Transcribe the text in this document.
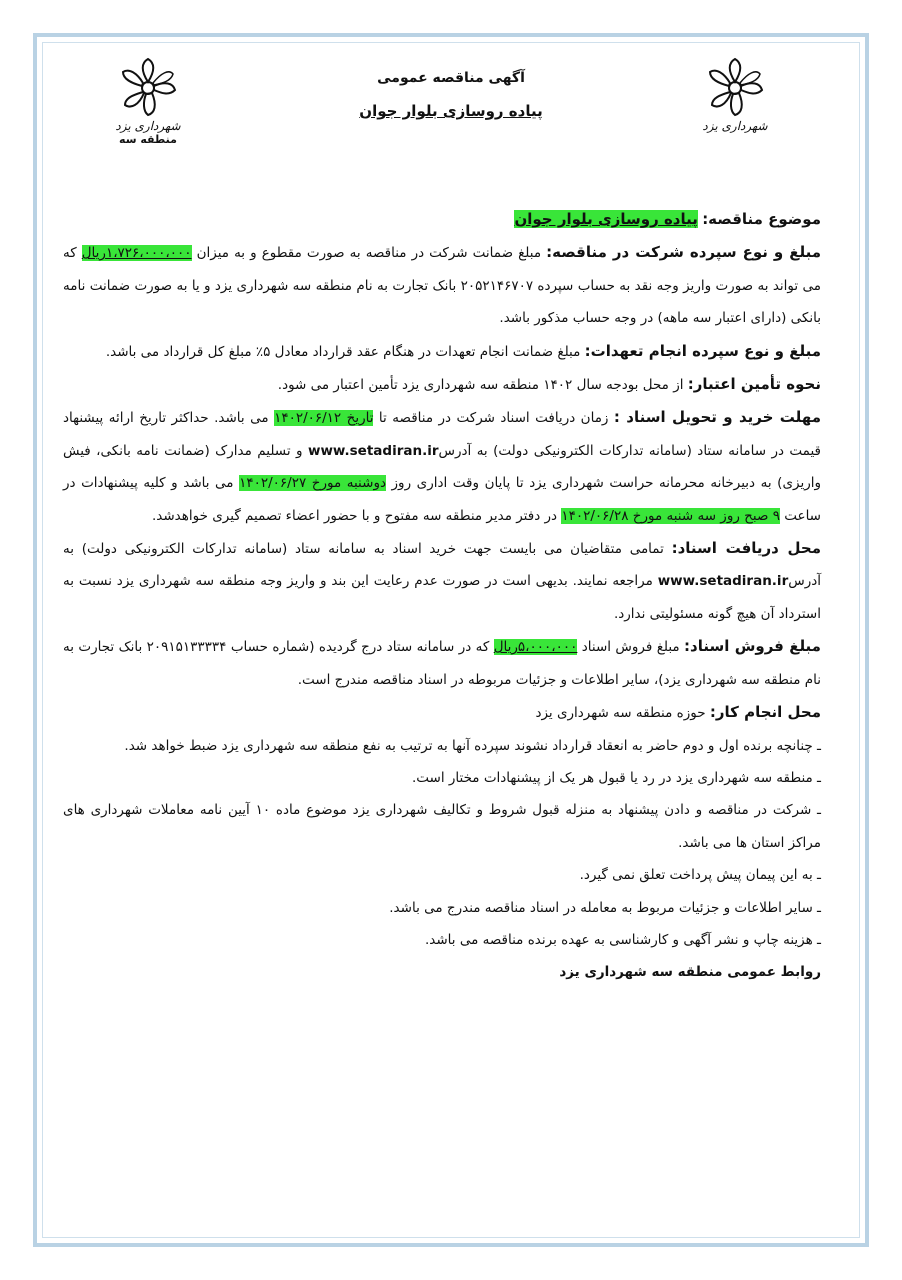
شهرداری یزد
منطقه سه
شهرداری یزد
آگهی مناقصه عمومی
پیاده روسازی بلوار جوان

موضوع مناقصه: پیاده روسازی بلوار جوان

مبلغ و نوع سپرده شرکت در مناقصه: مبلغ ضمانت شرکت در مناقصه به صورت مقطوع و به میزان ۱،۷۲۶،۰۰۰،۰۰۰ریال که می تواند به صورت واریز وجه نقد به حساب سپرده ۲۰۵۲۱۴۶۷۰۷ بانک تجارت به نام منطقه سه شهرداری یزد و یا به صورت ضمانت نامه بانکی (دارای اعتبار سه ماهه) در وجه حساب مذکور باشد.

مبلغ و نوع سپرده انجام تعهدات: مبلغ ضمانت انجام تعهدات در هنگام عقد قرارداد معادل ۵٪ مبلغ کل قرارداد می باشد.

نحوه تأمین اعتبار: از محل بودجه سال ۱۴۰۲ منطقه سه شهرداری یزد تأمین اعتبار می شود.

مهلت خرید و تحویل اسناد : زمان دریافت اسناد شرکت در مناقصه تا تاریخ ۱۴۰۲/۰۶/۱۲ می باشد. حداکثر تاریخ ارائه پیشنهاد قیمت در سامانه ستاد (سامانه تدارکات الکترونیکی دولت) به آدرسwww.setadiran.ir و تسلیم مدارک (ضمانت نامه بانکی، فیش واریزی) به دبیرخانه محرمانه حراست شهرداری یزد تا پایان وقت اداری روز دوشنبه مورخ ۱۴۰۲/۰۶/۲۷ می باشد و کلیه پیشنهادات در ساعت ۹ صبح روز سه شنبه مورخ ۱۴۰۲/۰۶/۲۸ در دفتر مدیر منطقه سه مفتوح و با حضور اعضاء تصمیم گیری خواهدشد.

محل دریافت اسناد: تمامی متقاضیان می بایست جهت خرید اسناد به سامانه ستاد (سامانه تدارکات الکترونیکی دولت) به آدرسwww.setadiran.ir مراجعه نمایند. بدیهی است در صورت عدم رعایت این بند و واریز وجه منطقه سه شهرداری یزد نسبت به استرداد آن هیچ گونه مسئولیتی ندارد.

مبلغ فروش اسناد: مبلغ فروش اسناد ۵،۰۰۰،۰۰۰ریال که در سامانه ستاد درج گردیده (شماره حساب ۲۰۹۱۵۱۳۳۳۳۴ بانک تجارت به نام منطقه سه شهرداری یزد)، سایر اطلاعات و جزئیات مربوطه در اسناد مناقصه مندرج است.

محل انجام کار: حوزه منطقه سه شهرداری یزد

ـ چنانچه برنده اول و دوم حاضر به انعقاد قرارداد نشوند سپرده آنها به ترتیب به نفع منطقه سه شهرداری یزد ضبط خواهد شد.

ـ منطقه سه شهرداری یزد در رد یا قبول هر یک از پیشنهادات مختار است.

ـ شرکت در مناقصه و دادن پیشنهاد به منزله قبول شروط و تکالیف شهرداری یزد موضوع ماده ۱۰ آیین نامه معاملات شهرداری های مراکز استان ها می باشد.

ـ به این پیمان پیش پرداخت تعلق نمی گیرد.

ـ سایر اطلاعات و جزئیات مربوط به معامله در اسناد مناقصه مندرج می باشد.

ـ هزینه چاپ و نشر آگهی و کارشناسی به عهده برنده مناقصه می باشد.

روابط عمومی منطقه سه شهرداری یزد
